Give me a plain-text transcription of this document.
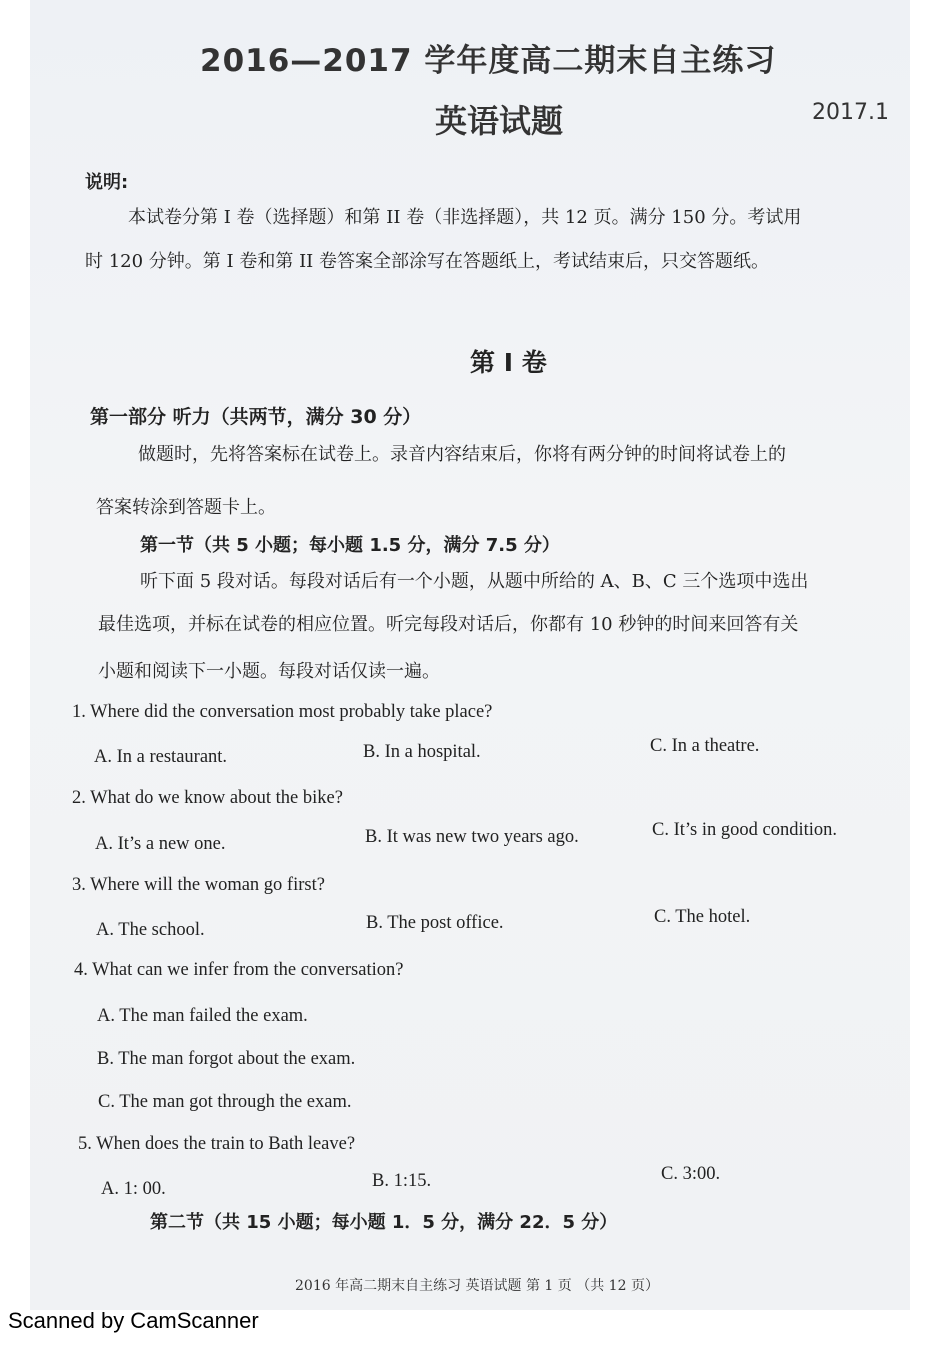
2016—2017 学年度高二期末自主练习
英语试题	2017.1
说明:
本试卷分第 I 卷（选择题）和第 II 卷（非选择题），共 12 页。满分 150 分。考试用
时 120 分钟。第 I 卷和第 II 卷答案全部涂写在答题纸上，考试结束后，只交答题纸。
第 I 卷
第一部分 听力（共两节，满分 30 分）
做题时，先将答案标在试卷上。录音内容结束后，你将有两分钟的时间将试卷上的
答案转涂到答题卡上。
第一节（共 5 小题；每小题 1.5 分，满分 7.5 分）
听下面 5 段对话。每段对话后有一个小题，从题中所给的 A、B、C 三个选项中选出
最佳选项，并标在试卷的相应位置。听完每段对话后，你都有 10 秒钟的时间来回答有关
小题和阅读下一小题。每段对话仅读一遍。
1. Where did the conversation most probably take place?
A. In a restaurant.	B. In a hospital.	C. In a theatre.
2. What do we know about the bike?
A. It’s a new one.	B. It was new two years ago.	C. It’s in good condition.
3. Where will the woman go first?
A. The school.	B. The post office.	C. The hotel.
4. What can we infer from the conversation?
A. The man failed the exam.
B. The man forgot about the exam.
C. The man got through the exam.
5. When does the train to Bath leave?
A. 1: 00.	B. 1:15.	C. 3:00.
第二节（共 15 小题；每小题 1．5 分，满分 22．5 分）
2016 年高二期末自主练习 英语试题 第 1 页 （共 12 页）
Scanned by CamScanner
